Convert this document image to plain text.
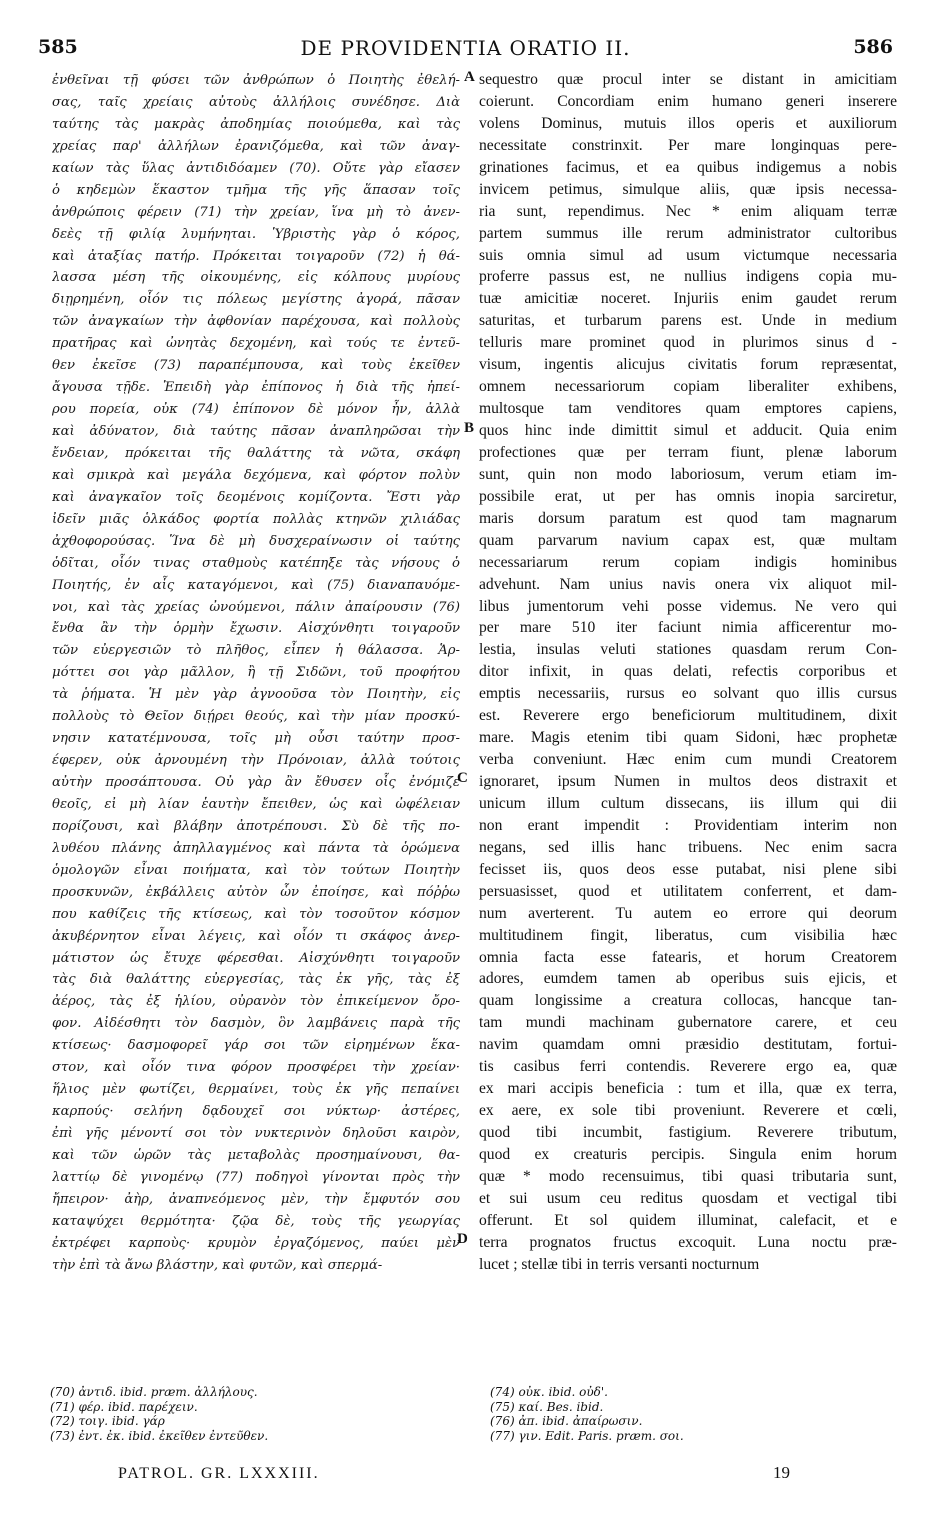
585	DE PROVIDENTIA ORATIO II.	586
ἐνθεῖναι τῇ φύσει τῶν ἀνθρώπων ὁ Ποιητὴς ἐθελή-
σας, ταῖς χρείαις αὐτοὺς ἀλλήλοις συνέδησε. Διὰ
ταύτης τὰς μακρὰς ἀποδημίας ποιούμεθα, καὶ τὰς
χρείας παρ' ἀλλήλων ἐρανιζόμεθα, καὶ τῶν ἀναγ-
καίων τὰς ὕλας ἀντιδιδόαμεν (70). Οὔτε γὰρ εἴασεν
ὁ κηδεμὼν ἕκαστον τμῆμα τῆς γῆς ἅπασαν τοῖς
ἀνθρώποις φέρειν (71) τὴν χρείαν, ἵνα μὴ τὸ ἀνεν-
δεὲς τῇ φιλίᾳ λυμήνηται. Ὑβριστὴς γὰρ ὁ κόρος,
καὶ ἀταξίας πατήρ. Πρόκειται τοιγαροῦν (72) ἡ θά-
λασσα μέση τῆς οἰκουμένης, εἰς κόλπους μυρίους
διῃρημένη, οἷόν τις πόλεως μεγίστης ἀγορά, πᾶσαν
τῶν ἀναγκαίων τὴν ἀφθονίαν παρέχουσα, καὶ πολλοὺς
πρατῆρας καὶ ὠνητὰς δεχομένη, καὶ τούς τε ἐντεῦ-
θεν ἐκεῖσε (73) παραπέμπουσα, καὶ τοὺς ἐκεῖθεν
ἄγουσα τῇδε. Ἐπειδὴ γὰρ ἐπίπονος ἡ διὰ τῆς ἠπεί-
ρου πορεία, οὐκ (74) ἐπίπονον δὲ μόνον ἦν, ἀλλὰ
καὶ ἀδύνατον, διὰ ταύτης πᾶσαν ἀναπληρῶσαι τὴν
ἔνδειαν, πρόκειται τῆς θαλάττης τὰ νῶτα, σκάφη
καὶ σμικρὰ καὶ μεγάλα δεχόμενα, καὶ φόρτον πολὺν
καὶ ἀναγκαῖον τοῖς δεομένοις κομίζοντα. Ἔστι γὰρ
ἰδεῖν μιᾶς ὁλκάδος φορτία πολλὰς κτηνῶν χιλιάδας
ἀχθοφορούσας. Ἵνα δὲ μὴ δυσχεραίνωσιν οἱ ταύτης
ὁδῖται, οἷόν τινας σταθμοὺς κατέπηξε τὰς νήσους ὁ
Ποιητής, ἐν αἷς καταγόμενοι, καὶ (75) διαναπαυόμε-
νοι, καὶ τὰς χρείας ὠνούμενοι, πάλιν ἀπαίρουσιν (76)
ἔνθα ἂν τὴν ὁρμὴν ἔχωσιν. Αἰσχύνθητι τοιγαροῦν
τῶν εὐεργεσιῶν τὸ πλῆθος, εἶπεν ἡ θάλασσα. Ἁρ-
μόττει σοι γὰρ μᾶλλον, ἢ τῇ Σιδῶνι, τοῦ προφήτου
τὰ ῥήματα. Ἡ μὲν γὰρ ἀγνοοῦσα τὸν Ποιητὴν, εἰς
πολλοὺς τὸ Θεῖον διῄρει θεούς, καὶ τὴν μίαν προσκύ-
νησιν κατατέμνουσα, τοῖς μὴ οὖσι ταύτην προσ-
έφερεν, οὐκ ἀρνουμένη τὴν Πρόνοιαν, ἀλλὰ τούτοις
αὐτὴν προσάπτουσα. Οὐ γὰρ ἂν ἔθυσεν οἷς ἐνόμιζε
θεοῖς, εἰ μὴ λίαν ἑαυτὴν ἔπειθεν, ὡς καὶ ὠφέλειαν
πορίζουσι, καὶ βλάβην ἀποτρέπουσι. Σὺ δὲ τῆς πο-
λυθέου πλάνης ἀπηλλαγμένος καὶ πάντα τὰ ὁρώμενα
ὁμολογῶν εἶναι ποιήματα, καὶ τὸν τούτων Ποιητὴν
προσκυνῶν, ἐκβάλλεις αὐτὸν ὧν ἐποίησε, καὶ πόῤῥω
που καθίζεις τῆς κτίσεως, καὶ τὸν τοσοῦτον κόσμον
ἀκυβέρνητον εἶναι λέγεις, καὶ οἷόν τι σκάφος ἀνερ-
μάτιστον ὡς ἔτυχε φέρεσθαι. Αἰσχύνθητι τοιγαροῦν
τὰς διὰ θαλάττης εὐεργεσίας, τὰς ἐκ γῆς, τὰς ἐξ
ἀέρος, τὰς ἐξ ἡλίου, οὐρανὸν τὸν ἐπικείμενον ὄρο-
φον. Αἰδέσθητι τὸν δασμὸν, ὃν λαμβάνεις παρὰ τῆς
κτίσεως· δασμοφορεῖ γάρ σοι τῶν εἰρημένων ἕκα-
στον, καὶ οἷόν τινα φόρον προσφέρει τὴν χρείαν·
ἥλιος μὲν φωτίζει, θερμαίνει, τοὺς ἐκ γῆς πεπαίνει
καρπούς· σελήνη δᾳδουχεῖ σοι νύκτωρ· ἀστέρες,
ἐπὶ γῆς μένοντί σοι τὸν νυκτερινὸν δηλοῦσι καιρὸν,
καὶ τῶν ὡρῶν τὰς μεταβολὰς προσημαίνουσι, θα-
λαττίῳ δὲ γινομένῳ (77) ποδηγοὶ γίνονται πρὸς τὴν
ἤπειρον· ἀὴρ, ἀναπνεόμενος μὲν, τὴν ἔμφυτόν σου
καταψύχει θερμότητα· ζῷα δὲ, τοὺς τῆς γεωργίας
ἐκτρέφει καρποὺς· κρυμὸν ἐργαζόμενος, παύει μὲν
τὴν ἐπὶ τὰ ἄνω βλάστην, καὶ φυτῶν, καὶ σπερμά-
sequestro quæ procul inter se distant in amicitiam
coierunt. Concordiam enim humano generi inserere
volens Dominus, mutuis illos operis et auxiliorum
necessitate constrinxit. Per mare longinquas pere-
grinationes facimus, et ea quibus indigemus a nobis
invicem petimus, simulque aliis, quæ ipsis necessa-
ria sunt, rependimus. Nec * enim aliquam terræ
partem summus ille rerum administrator cultoribus
suis omnia simul ad usum victumque necessaria
proferre passus est, ne nullius indigens copia mu-
tuæ amicitiæ noceret. Injuriis enim gaudet rerum
saturitas, et turbarum parens est. Unde in medium
telluris mare prominet quod in plurimos sinus d -
visum, ingentis alicujus civitatis forum repræsentat,
omnem necessariorum copiam liberaliter exhibens,
multosque tam venditores quam emptores capiens,
quos hinc inde dimittit simul et adducit. Quia enim
profectiones quæ per terram fiunt, plenæ laborum
sunt, quin non modo laboriosum, verum etiam im-
possibile erat, ut per has omnis inopia sarciretur,
maris dorsum paratum est quod tam magnarum
quam parvarum navium capax est, quæ multam
necessariarum rerum copiam indigis hominibus
advehunt. Nam unius navis onera vix aliquot mil-
libus jumentorum vehi posse videmus. Ne vero qui
per mare 510 iter faciunt nimia afficerentur mo-
lestia, insulas veluti stationes quasdam rerum Con-
ditor infixit, in quas delati, refectis corporibus et
emptis necessariis, rursus eo solvant quo illis cursus
est. Reverere ergo beneficiorum multitudinem, dixit
mare. Magis etenim tibi quam Sidoni, hæc prophetæ
verba conveniunt. Hæc enim cum mundi Creatorem
ignoraret, ipsum Numen in multos deos distraxit et
unicum illum cultum dissecans, iis illum qui dii
non erant impendit : Providentiam interim non
negans, sed illis hanc tribuens. Nec enim sacra
fecisset iis, quos deos esse putabat, nisi plene sibi
persuasisset, quod et utilitatem conferrent, et dam-
num averterent. Tu autem eo errore qui deorum
multitudinem fingit, liberatus, cum visibilia hæc
omnia facta esse fatearis, et horum Creatorem
adores, eumdem tamen ab operibus suis ejicis, et
quam longissime a creatura collocas, hancque tan-
tam mundi machinam gubernatore carere, et ceu
navim quamdam omni præsidio destitutam, fortui-
tis casibus ferri contendis. Reverere ergo ea, quæ
ex mari accipis beneficia : tum et illa, quæ ex terra,
ex aere, ex sole tibi proveniunt. Reverere et cœli,
quod tibi incumbit, fastigium. Reverere tributum,
quod ex creaturis percipis. Singula enim horum
quæ * modo recensuimus, tibi quasi tributaria sunt,
et sui usum ceu reditus quosdam et vectigal tibi
offerunt. Et sol quidem illuminat, calefacit, et e
terra prognatos fructus excoquit. Luna noctu præ-
lucet ; stellæ tibi in terris versanti nocturnum
A
B
C
D
(70) ἀντιδ. ibid. præm. ἀλλήλους.
(71) φέρ. ibid. παρέχειν.
(72) τοιγ. ibid. γάρ
(73) ἐντ. ἐκ. ibid. ἐκεῖθεν ἐντεῦθεν.
(74) οὐκ. ibid. οὐδ'.
(75) καί. Bes. ibid.
(76) ἀπ. ibid. ἀπαίρωσιν.
(77) γιν. Edit. Paris. præm. σοι.
PATROL. GR. LXXXIII.	19
